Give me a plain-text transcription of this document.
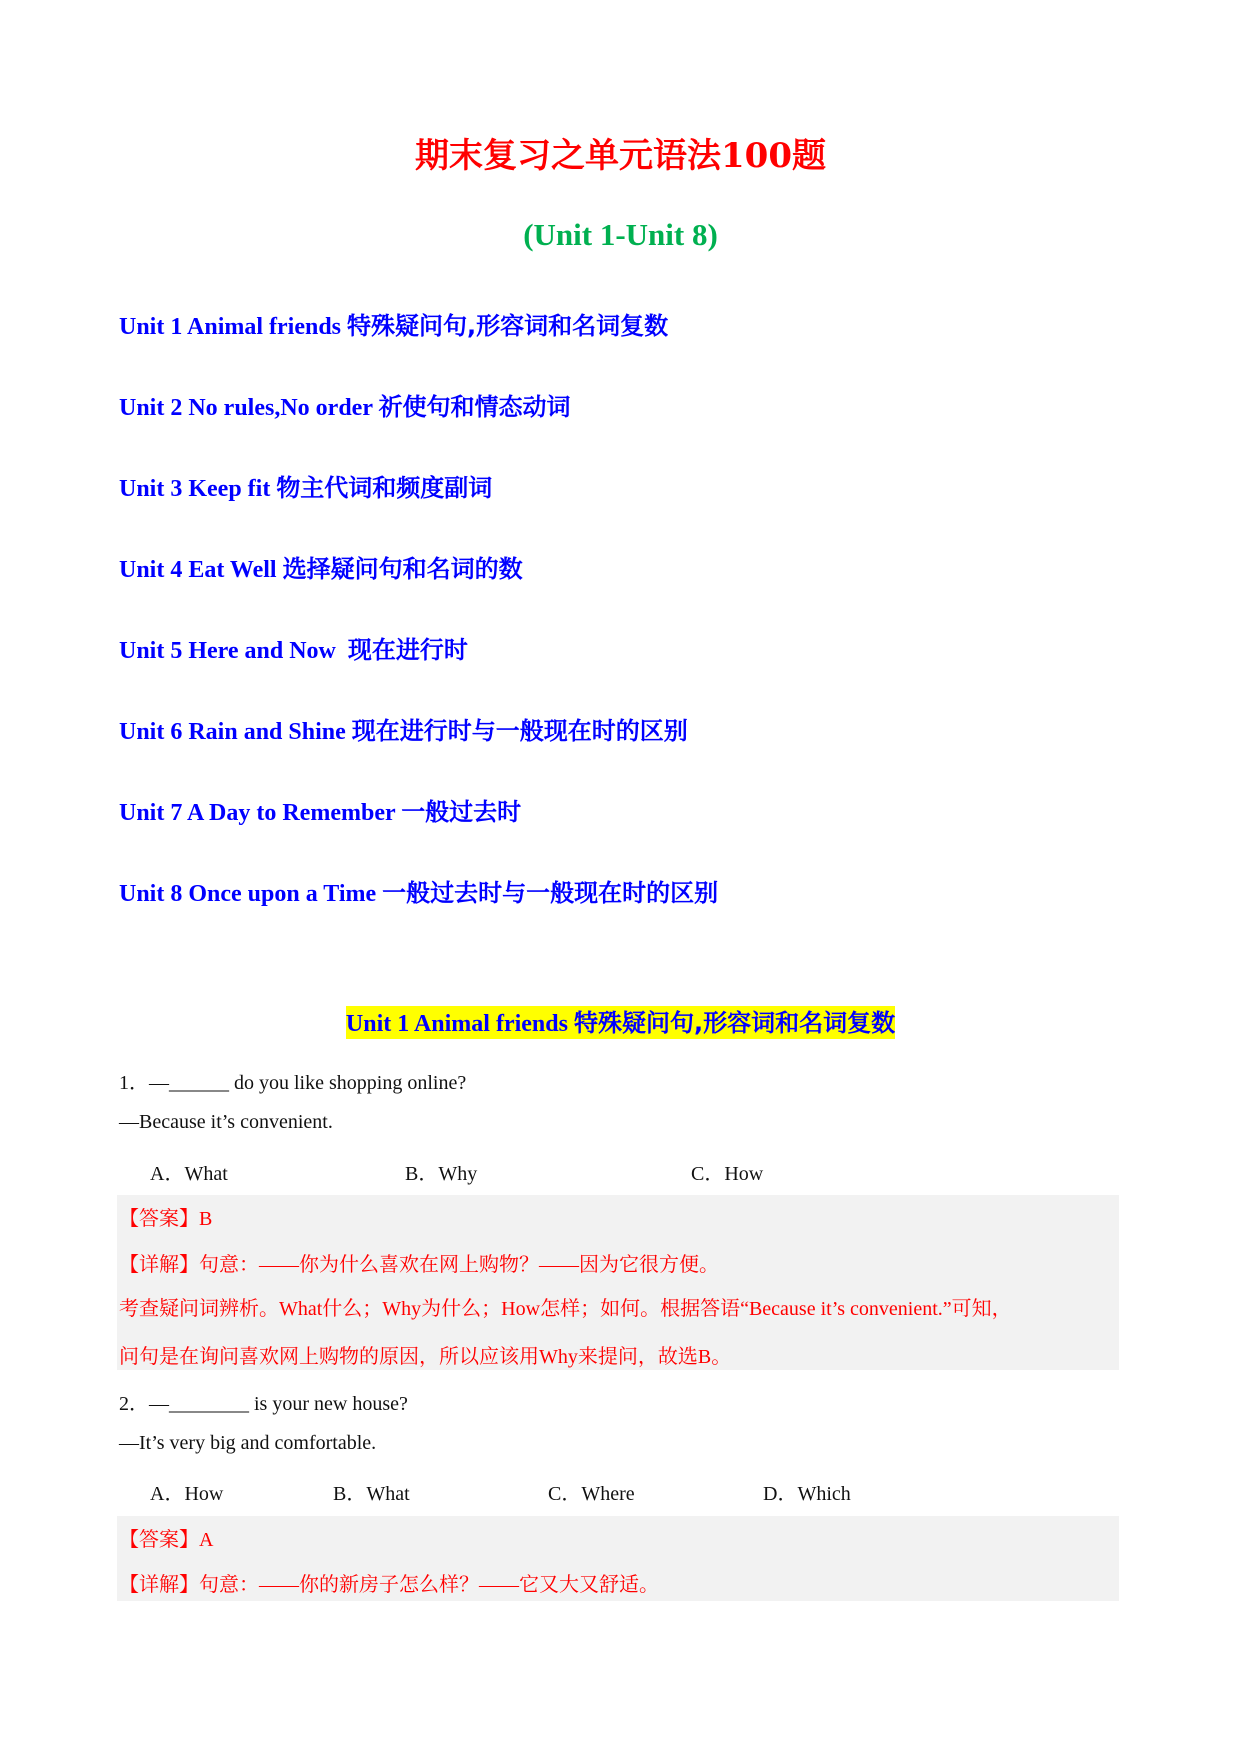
期末复习之单元语法100题
(Unit 1-Unit 8)
Unit 1 Animal friends 特殊疑问句,形容词和名词复数
Unit 2 No rules,No order 祈使句和情态动词
Unit 3 Keep fit 物主代词和频度副词
Unit 4 Eat Well 选择疑问句和名词的数
Unit 5 Here and Now  现在进行时
Unit 6 Rain and Shine 现在进行时与一般现在时的区别
Unit 7 A Day to Remember 一般过去时
Unit 8 Once upon a Time 一般过去时与一般现在时的区别
Unit 1 Animal friends 特殊疑问句,形容词和名词复数
1．—______ do you like shopping online?
—Because it’s convenient.
A．What	B．Why	C．How
【答案】B
【详解】句意：——你为什么喜欢在网上购物？——因为它很方便。
考查疑问词辨析。What什么；Why为什么；How怎样；如何。根据答语“Because it’s convenient.”可知，
问句是在询问喜欢网上购物的原因，所以应该用Why来提问，故选B。
2．—________ is your new house?
—It’s very big and comfortable.
A．How	B．What	C．Where	D．Which
【答案】A
【详解】句意：——你的新房子怎么样？——它又大又舒适。
